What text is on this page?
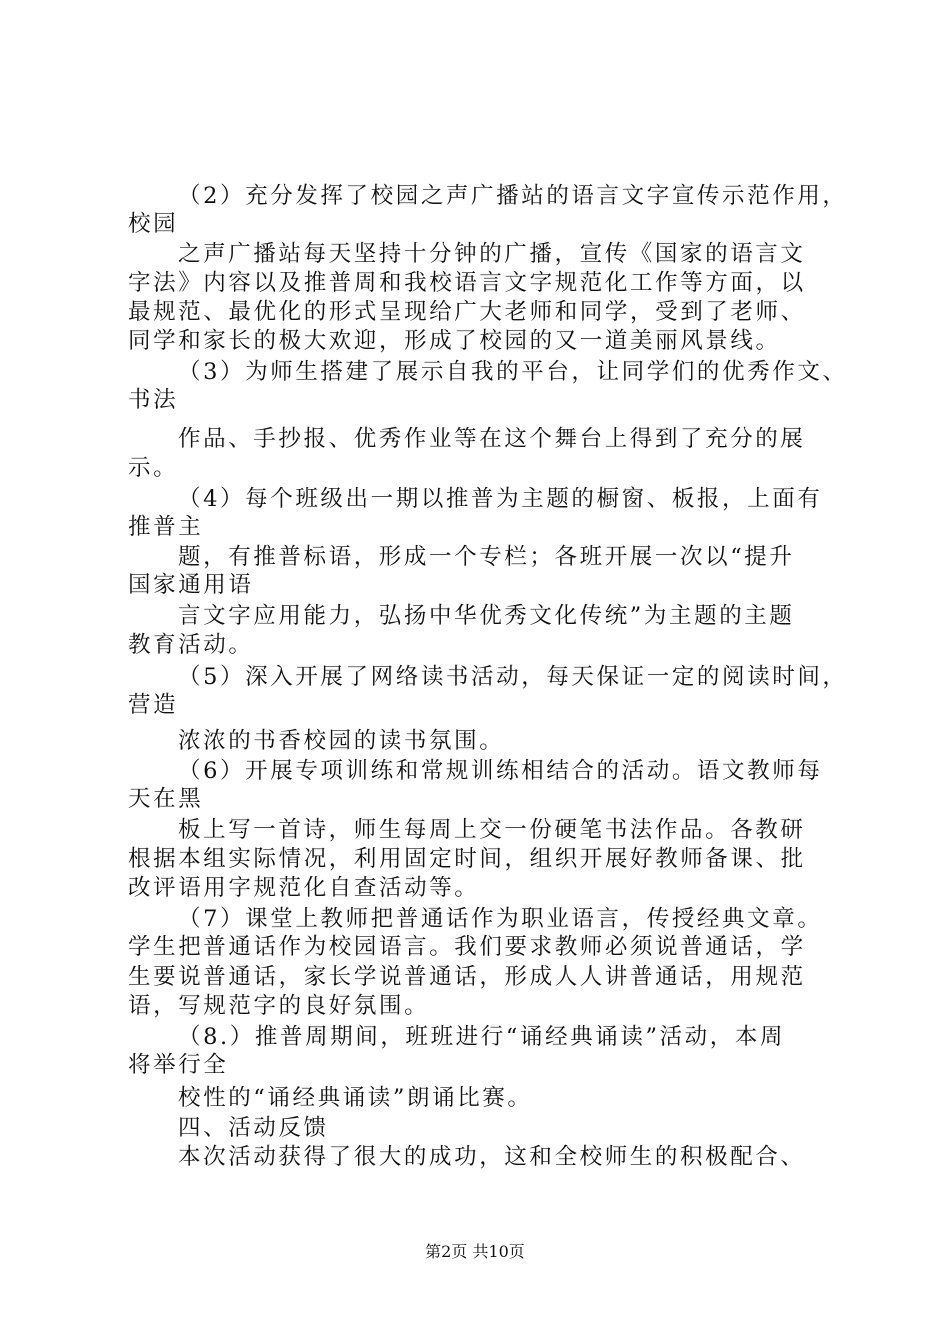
（2）充分发挥了校园之声广播站的语言文字宣传示范作用，
校园
之声广播站每天坚持十分钟的广播，宣传《国家的语言文
字法》内容以及推普周和我校语言文字规范化工作等方面，以
最规范、最优化的形式呈现给广大老师和同学，受到了老师、
同学和家长的极大欢迎，形成了校园的又一道美丽风景线。
（3）为师生搭建了展示自我的平台，让同学们的优秀作文、
书法
作品、手抄报、优秀作业等在这个舞台上得到了充分的展
示。
（4）每个班级出一期以推普为主题的橱窗、板报，上面有
推普主
题，有推普标语，形成一个专栏；各班开展一次以“提升
国家通用语
言文字应用能力，弘扬中华优秀文化传统”为主题的主题
教育活动。
（5）深入开展了网络读书活动，每天保证一定的阅读时间，
营造
浓浓的书香校园的读书氛围。
（6）开展专项训练和常规训练相结合的活动。语文教师每
天在黑
板上写一首诗，师生每周上交一份硬笔书法作品。各教研
根据本组实际情况，利用固定时间，组织开展好教师备课、批
改评语用字规范化自查活动等。
（7）课堂上教师把普通话作为职业语言，传授经典文章。
学生把普通话作为校园语言。我们要求教师必须说普通话，学
生要说普通话，家长学说普通话，形成人人讲普通话，用规范
语，写规范字的良好氛围。
（8.）推普周期间，班班进行“诵经典诵读”活动，本周
将举行全
校性的“诵经典诵读”朗诵比赛。
四、活动反馈
本次活动获得了很大的成功，这和全校师生的积极配合、
第2页 共10页
